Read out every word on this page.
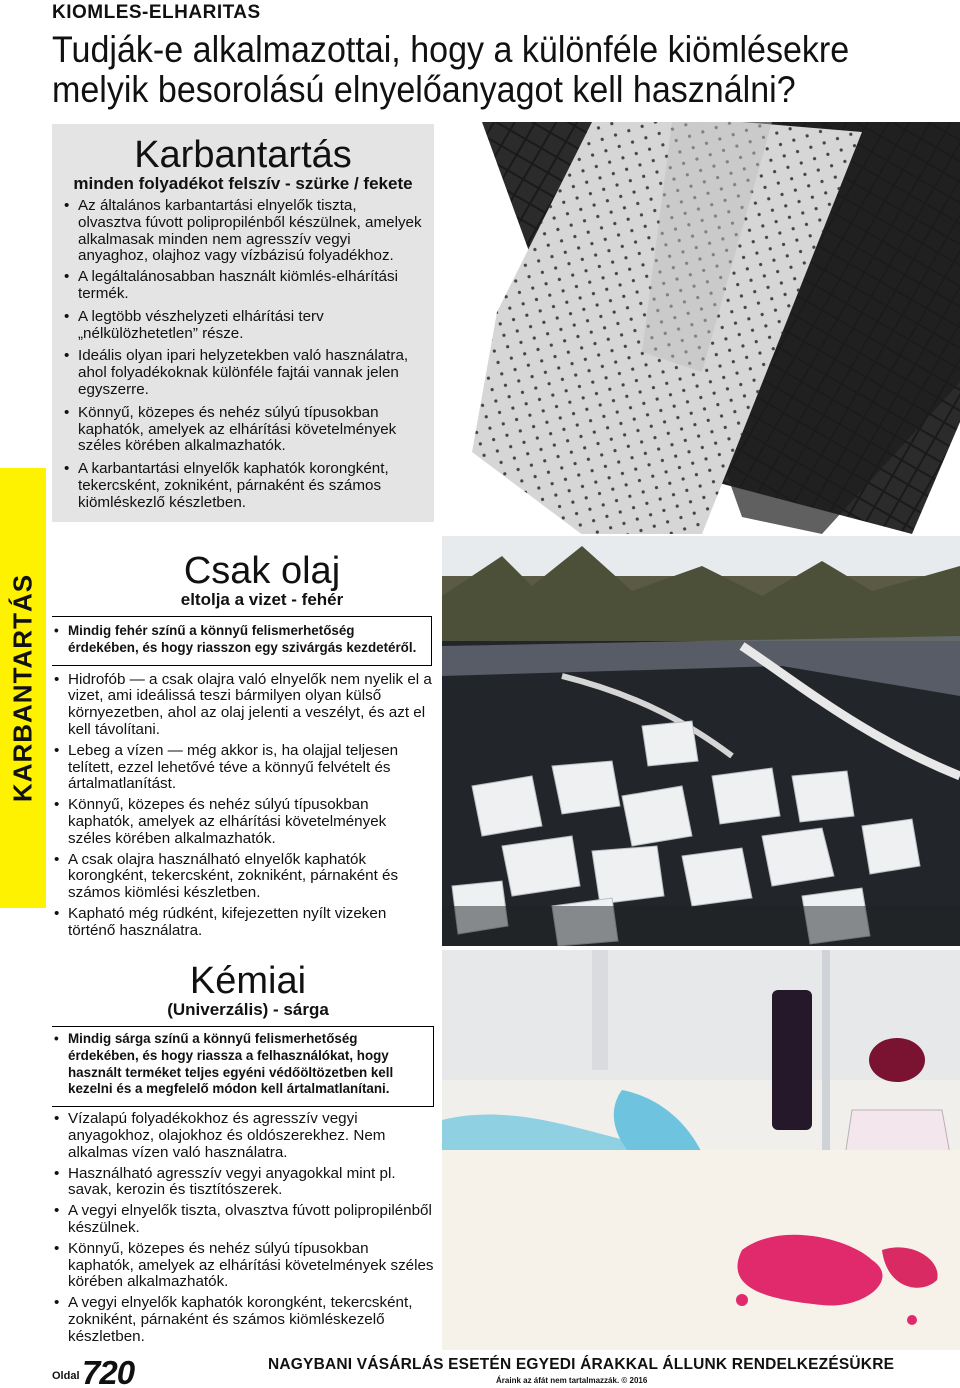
KIOMLES-ELHARITAS
Tudják-e alkalmazottai, hogy a különféle kiömlésekre melyik besorolású elnyelőanyagot kell használni?
KARBANTARTÁS
Karbantartás
minden folyadékot felszív - szürke / fekete
• Az általános karbantartási elnyelők tiszta, olvasztva fúvott polipropilénből készülnek, amelyek alkalmasak minden nem agresszív vegyi anyaghoz, olajhoz vagy vízbázisú folyadékhoz.
• A legáltalánosabban használt kiömlés-elhárítási termék.
• A legtöbb vészhelyzeti elhárítási terv „nélkülözhetetlen” része.
• Ideális olyan ipari helyzetekben való használatra, ahol folyadékoknak különféle fajtái vannak jelen egyszerre.
• Könnyű, közepes és nehéz súlyú típusokban kaphatók, amelyek az elhárítási követelmények széles körében alkalmazhatók.
• A karbantartási elnyelők kaphatók korongként, tekercsként, zokniként, párnaként és számos kiömléskezlő készletben.
Csak olaj
eltolja a vizet - fehér
• Mindig fehér színű a könnyű felismerhetőség érdekében, és hogy riasszon egy szivárgás kezdetéről.
• Hidrofób — a csak olajra való elnyelők nem nyelik el a vizet, ami ideálissá teszi bármilyen olyan külső környezetben, ahol az olaj jelenti a veszélyt, és azt el kell távolítani.
• Lebeg a vízen — még akkor is, ha olajjal teljesen telített, ezzel lehetővé téve a könnyű felvételt és ártalmatlanítást.
• Könnyű, közepes és nehéz súlyú típusokban kaphatók, amelyek az elhárítási követelmények széles körében alkalmazhatók.
• A csak olajra használható elnyelők kaphatók korongként, tekercsként, zokniként, párnaként és számos kiömlési készletben.
• Kapható még rúdként, kifejezetten nyílt vizeken történő használatra.
Kémiai
(Univerzális) - sárga
• Mindig sárga színű a könnyű felismerhetőség érdekében, és hogy riassza a felhasználókat, hogy használt terméket teljes egyéni védőöltözetben kell kezelni és a megfelelő módon kell ártalmatlanítani.
• Vízalapú folyadékokhoz és agresszív vegyi anyagokhoz, olajokhoz és oldószerekhez. Nem alkalmas vízen való használatra.
• Használható agresszív vegyi anyagokkal mint pl. savak, kerozin és tisztítószerek.
• A vegyi elnyelők tiszta, olvasztva fúvott polipropilénből készülnek.
• Könnyű, közepes és nehéz súlyú típusokban kaphatók, amelyek az elhárítási követelmények széles körében alkalmazhatók.
• A vegyi elnyelők kaphatók korongként, tekercsként, zokniként, párnaként és számos kiömléskezelő készletben.
Oldal 720	NAGYBANI VÁSÁRLÁS ESETÉN EGYEDI ÁRAKKAL ÁLLUNK RENDELKEZÉSÜKRE
Áraink az áfát nem tartalmazzák. © 2016
